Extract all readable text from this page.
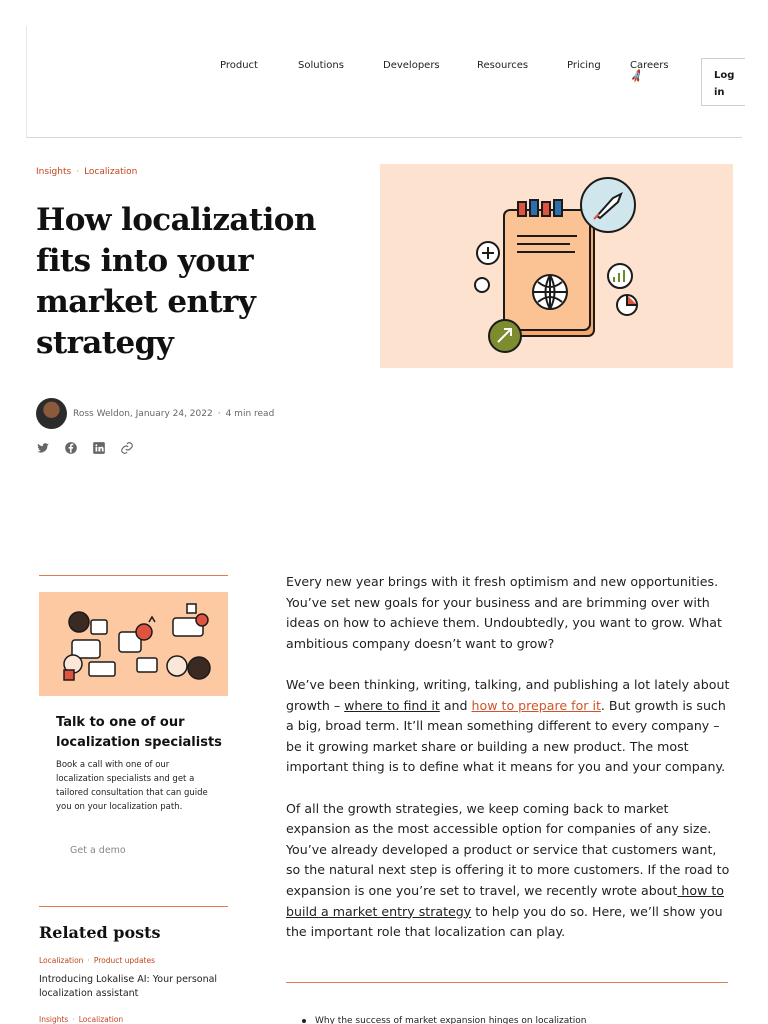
Product	Solutions	Developers	Resources	Pricing	Careers
🚀	Log in
Insights · Localization
How localization fits into your market entry strategy
Ross Weldon, January 24, 2022 · 4 min read
Talk to one of our localization specialists
Book a call with one of our localization specialists and get a tailored consultation that can guide you on your localization path.
Get a demo
Related posts
Localization · Product updates
Introducing Lokalise AI: Your personal localization assistant
Insights · Localization

Every new year brings with it fresh optimism and new opportunities. You’ve set new goals for your business and are brimming over with ideas on how to achieve them. Undoubtedly, you want to grow. What ambitious company doesn’t want to grow?

We’ve been thinking, writing, talking, and publishing a lot lately about growth – where to find it and how to prepare for it. But growth is such a big, broad term. It’ll mean something different to every company – be it growing market share or building a new product. The most important thing is to define what it means for you and your company.

Of all the growth strategies, we keep coming back to market expansion as the most accessible option for companies of any size. You’ve already developed a product or service that customers want, so the natural next step is offering it to more customers. If the road to expansion is one you’re set to travel, we recently wrote about how to build a market entry strategy to help you do so. Here, we’ll show you the important role that localization can play.

Why the success of market expansion hinges on localization
